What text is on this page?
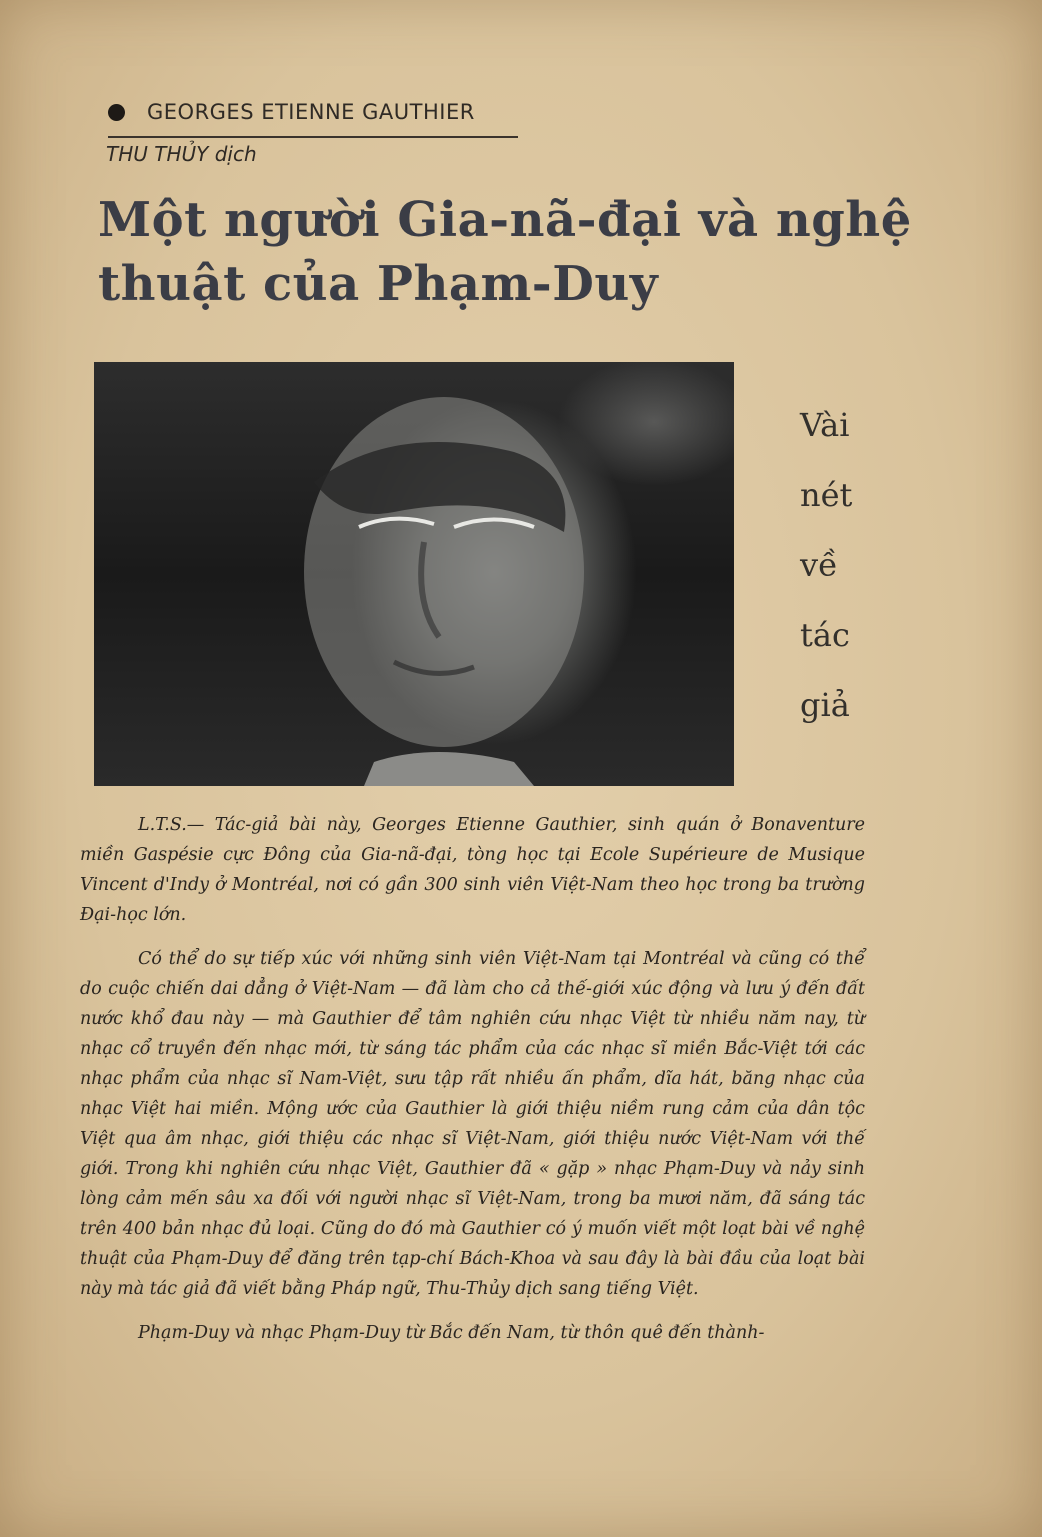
GEORGES ETIENNE GAUTHIER
THU THỦY dịch
Một người Gia-nã-đại và nghệ thuật của Phạm-Duy
Vài
nét
về
tác
giả

L.T.S.— Tác-giả bài này, Georges Etienne Gauthier, sinh quán ở Bonaventure miền Gaspésie cực Đông của Gia-nã-đại, tòng học tại Ecole Supérieure de Musique Vincent d'Indy ở Montréal, nơi có gần 300 sinh viên Việt-Nam theo học trong ba trường Đại-học lớn.

Có thể do sự tiếp xúc với những sinh viên Việt-Nam tại Montréal và cũng có thể do cuộc chiến dai dẳng ở Việt-Nam — đã làm cho cả thế-giới xúc động và lưu ý đến đất nước khổ đau này — mà Gauthier để tâm nghiên cứu nhạc Việt từ nhiều năm nay, từ nhạc cổ truyền đến nhạc mới, từ sáng tác phẩm của các nhạc sĩ miền Bắc-Việt tới các nhạc phẩm của nhạc sĩ Nam-Việt, sưu tập rất nhiều ấn phẩm, dĩa hát, băng nhạc của nhạc Việt hai miền. Mộng ước của Gauthier là giới thiệu niềm rung cảm của dân tộc Việt qua âm nhạc, giới thiệu các nhạc sĩ Việt-Nam, giới thiệu nước Việt-Nam với thế giới. Trong khi nghiên cứu nhạc Việt, Gauthier đã « gặp » nhạc Phạm-Duy và nảy sinh lòng cảm mến sâu xa đối với người nhạc sĩ Việt-Nam, trong ba mươi năm, đã sáng tác trên 400 bản nhạc đủ loại. Cũng do đó mà Gauthier có ý muốn viết một loạt bài về nghệ thuật của Phạm-Duy để đăng trên tạp-chí Bách-Khoa và sau đây là bài đầu của loạt bài này mà tác giả đã viết bằng Pháp ngữ, Thu-Thủy dịch sang tiếng Việt.

Phạm-Duy và nhạc Phạm-Duy từ Bắc đến Nam, từ thôn quê đến thành-
